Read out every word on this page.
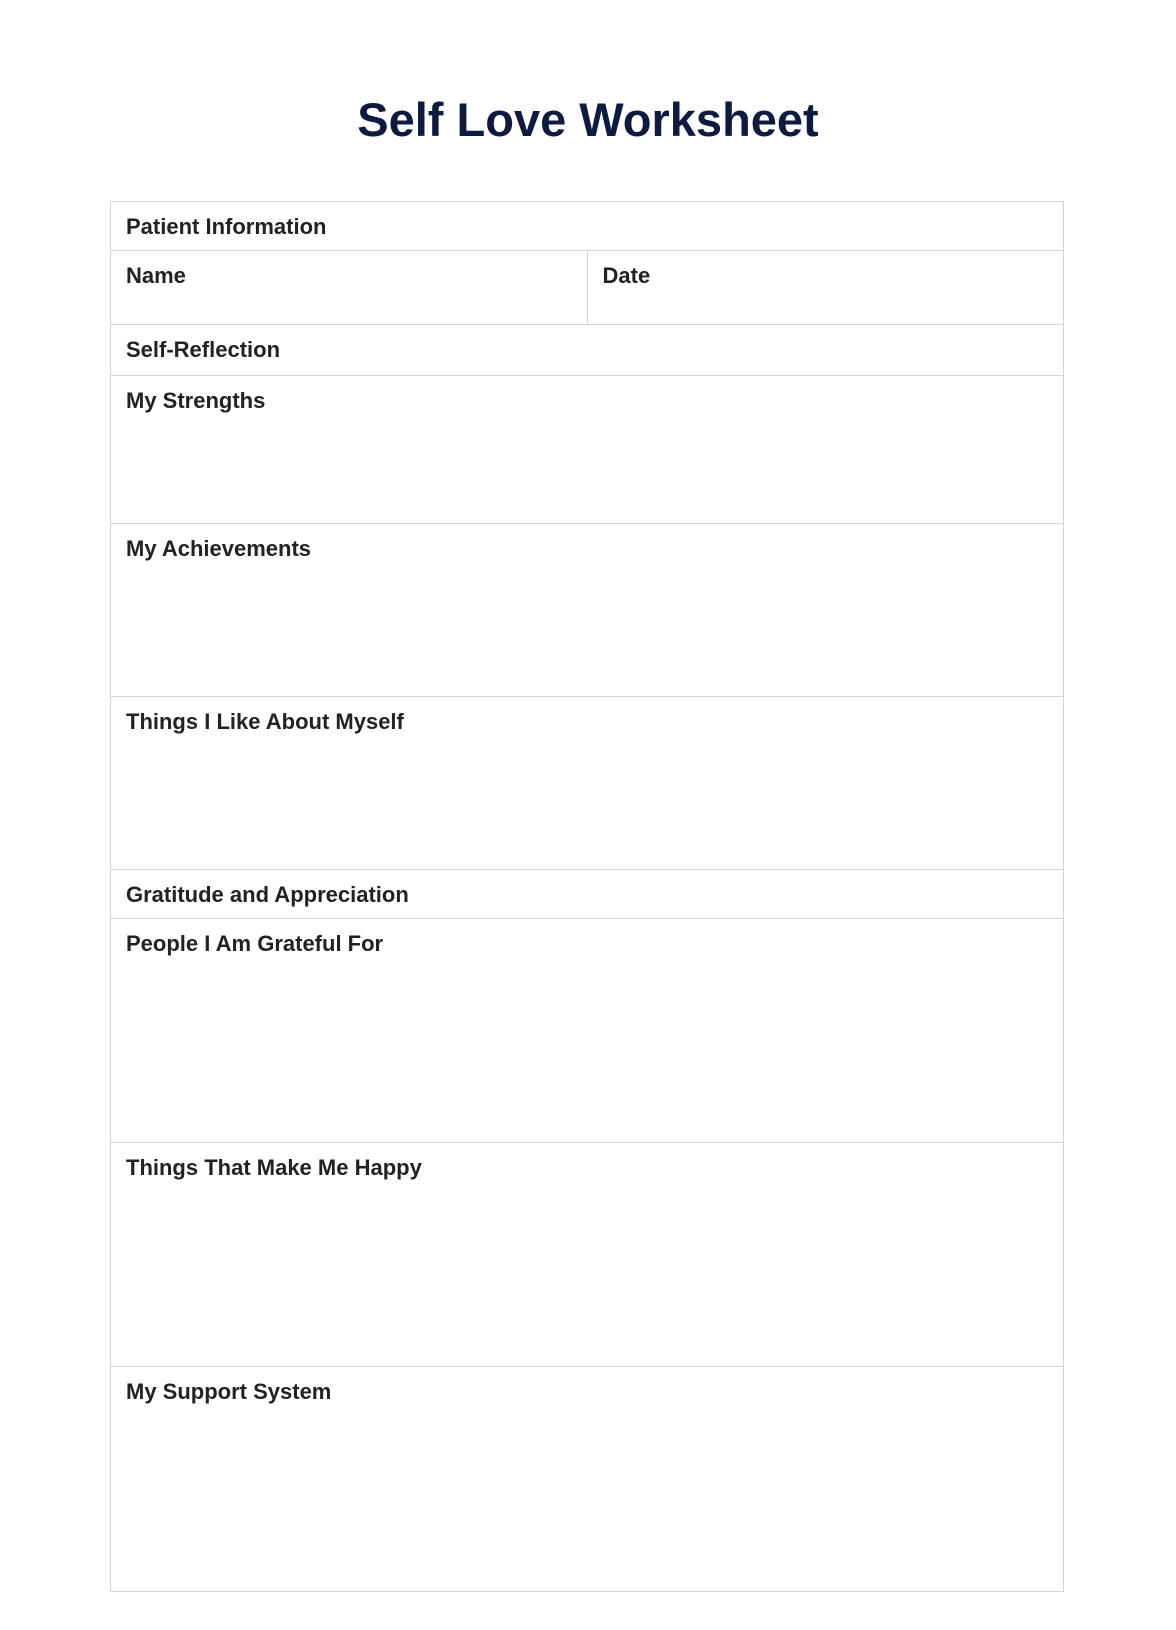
Self Love Worksheet
Patient Information
Name	Date
Self-Reflection
My Strengths
My Achievements
Things I Like About Myself
Gratitude and Appreciation
People I Am Grateful For
Things That Make Me Happy
My Support System
